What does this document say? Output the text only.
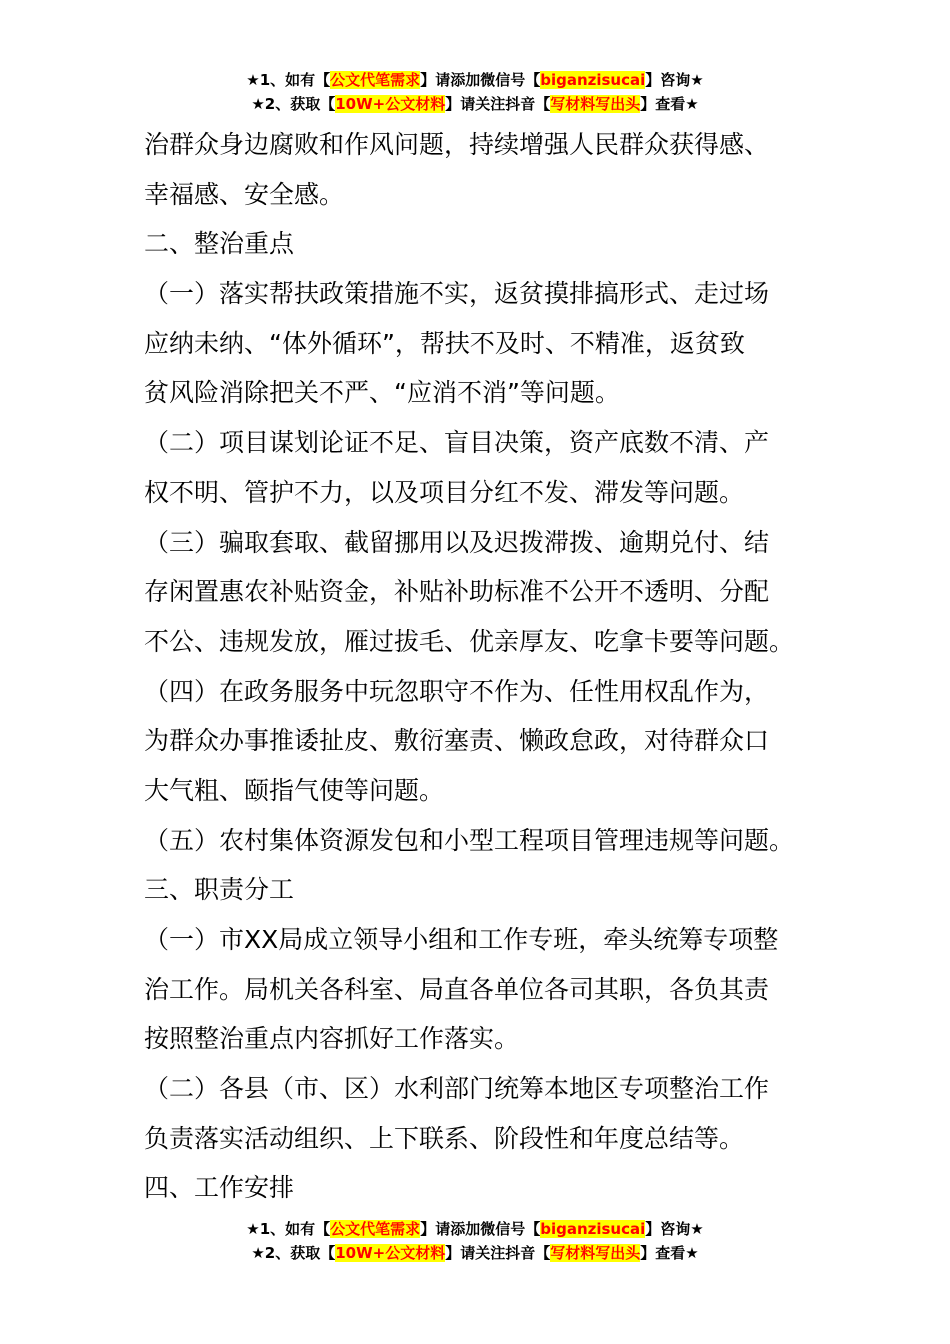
★1、如有【公文代笔需求】请添加微信号【biganzisucai】咨询★
★2、获取【10W+公文材料】请关注抖音【写材料写出头】查看★
治群众身边腐败和作风问题，持续增强人民群众获得感、
幸福感、安全感。
二、整治重点
（一）落实帮扶政策措施不实，返贫摸排搞形式、走过场
应纳未纳、“体外循环”，帮扶不及时、不精准，返贫致
贫风险消除把关不严、“应消不消”等问题。
（二）项目谋划论证不足、盲目决策，资产底数不清、产
权不明、管护不力，以及项目分红不发、滞发等问题。
（三）骗取套取、截留挪用以及迟拨滞拨、逾期兑付、结
存闲置惠农补贴资金，补贴补助标准不公开不透明、分配
不公、违规发放，雁过拔毛、优亲厚友、吃拿卡要等问题。
（四）在政务服务中玩忽职守不作为、任性用权乱作为，
为群众办事推诿扯皮、敷衍塞责、懒政怠政，对待群众口
大气粗、颐指气使等问题。
（五）农村集体资源发包和小型工程项目管理违规等问题。
三、职责分工
（一）市XX局成立领导小组和工作专班，牵头统筹专项整
治工作。局机关各科室、局直各单位各司其职，各负其责
按照整治重点内容抓好工作落实。
（二）各县（市、区）水利部门统筹本地区专项整治工作
负责落实活动组织、上下联系、阶段性和年度总结等。
四、工作安排
★1、如有【公文代笔需求】请添加微信号【biganzisucai】咨询★
★2、获取【10W+公文材料】请关注抖音【写材料写出头】查看★
